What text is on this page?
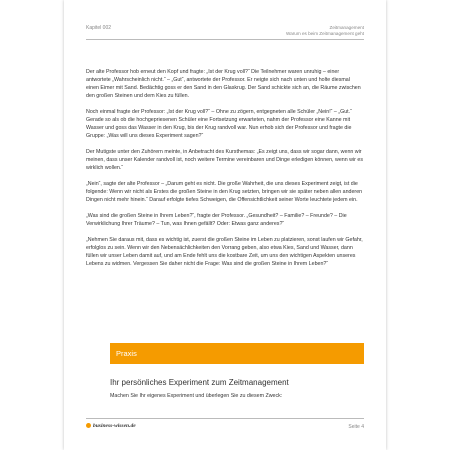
Kapitel 002	Zeitmanagement
Warum es beim Zeitmanagement geht

Der alte Professor hob erneut den Kopf und fragte: „Ist der Krug voll?“ Die Teilnehmer waren unruhig – einer antwortete „Wahrscheinlich nicht.“ – „Gut“, antwortete der Professor. Er neigte sich nach unten und holte diesmal einen Eimer mit Sand. Bedächtig goss er den Sand in den Glaskrug. Der Sand schickte sich an, die Räume zwischen den großen Steinen und dem Kies zu füllen.

Noch einmal fragte der Professor: „Ist der Krug voll?“ – Ohne zu zögern, entgegneten alle Schüler „Nein!“ – „Gut.“ Gerade so als ob die hochgepriesenen Schüler eine Fortsetzung erwarteten, nahm der Professor eine Kanne mit Wasser und goss das Wasser in den Krug, bis der Krug randvoll war. Nun erhob sich der Professor und fragte die Gruppe: „Was will uns dieses Experiment sagen?“

Der Mutigste unter den Zuhörern meinte, in Anbetracht des Kursthemas: „Es zeigt uns, dass wir sogar dann, wenn wir meinen, dass unser Kalender randvoll ist, noch weitere Termine vereinbaren und Dinge erledigen können, wenn wir es wirklich wollen.“

„Nein“, sagte der alte Professor – „Darum geht es nicht. Die große Wahrheit, die uns dieses Experiment zeigt, ist die folgende: Wenn wir nicht als Erstes die großen Steine in den Krug setzten, bringen wir sie später neben allen anderen Dingen nicht mehr hinein.“ Darauf erfolgte tiefes Schweigen, die Offensichtlichkeit seiner Worte leuchtete jedem ein.

„Was sind die großen Steine in Ihrem Leben?“, fragte der Professor. „Gesundheit? – Familie? – Freunde? – Die Verwirklichung Ihrer Träume? – Tun, was Ihnen gefällt? Oder: Etwas ganz anderes?“

„Nehmen Sie daraus mit, dass es wichtig ist, zuerst die großen Steine im Leben zu platzieren, sonst laufen wir Gefahr, erfolglos zu sein. Wenn wir den Nebensächlichkeiten den Vorrang geben, also etwa Kies, Sand und Wasser, dann füllen wir unser Leben damit auf, und am Ende fehlt uns die kostbare Zeit, um uns den wichtigen Aspekten unseres Lebens zu widmen. Vergessen Sie daher nicht die Frage: Was sind die großen Steine in Ihrem Leben?“

Praxis
Ihr persönliches Experiment zum Zeitmanagement
Machen Sie Ihr eigenes Experiment und überlegen Sie zu diesem Zweck:
business-wissen.de	Seite 4
